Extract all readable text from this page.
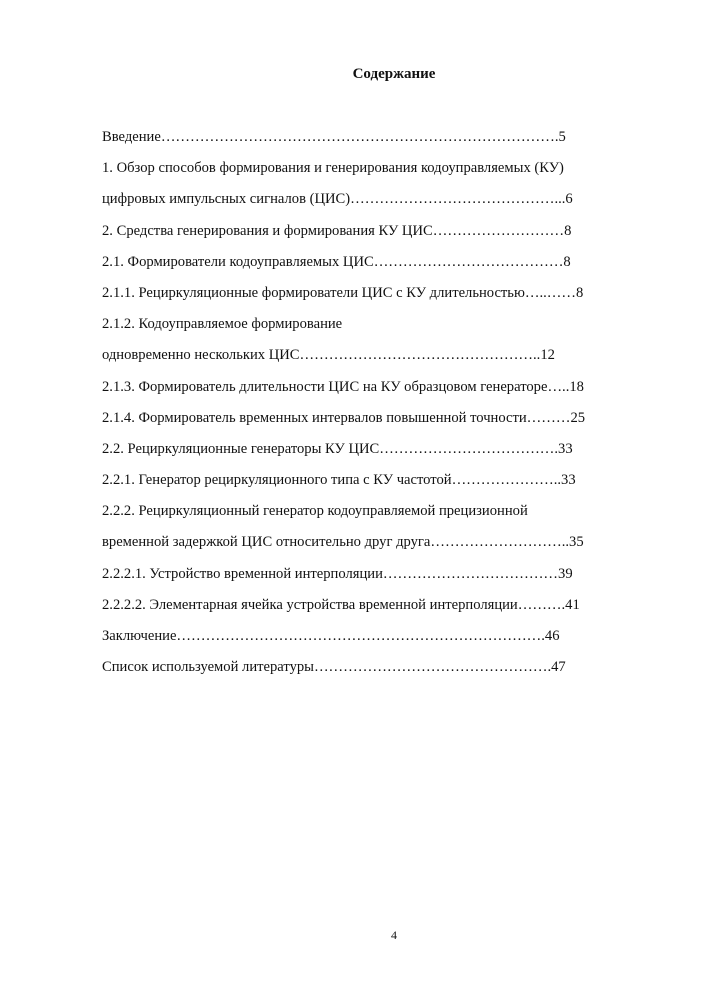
Содержание
Введение……………………………………………………………………….5
1. Обзор способов формирования и генерирования кодоуправляемых (КУ)
цифровых импульсных сигналов (ЦИС)……………………………………...6
2. Средства генерирования и формирования КУ ЦИС………………………8
2.1. Формирователи кодоуправляемых ЦИС…………………………………8
2.1.1. Рециркуляционные формирователи ЦИС с КУ длительностью…..……8
2.1.2. Кодоуправляемое формирование
одновременно нескольких ЦИС…………………………………………..12
2.1.3. Формирователь длительности ЦИС на КУ образцовом генераторе…..18
2.1.4. Формирователь временных интервалов повышенной точности………25
2.2. Рециркуляционные генераторы КУ ЦИС……………………………….33
2.2.1. Генератор рециркуляционного типа с КУ частотой…………………..33
2.2.2. Рециркуляционный генератор кодоуправляемой прецизионной
временной задержкой ЦИС относительно друг друга………………………..35
2.2.2.1. Устройство временной интерполяции………………………………39
2.2.2.2. Элементарная ячейка устройства временной интерполяции……….41
Заключение………………………………………………………………….46
Список используемой литературы………………………………………….47
4
